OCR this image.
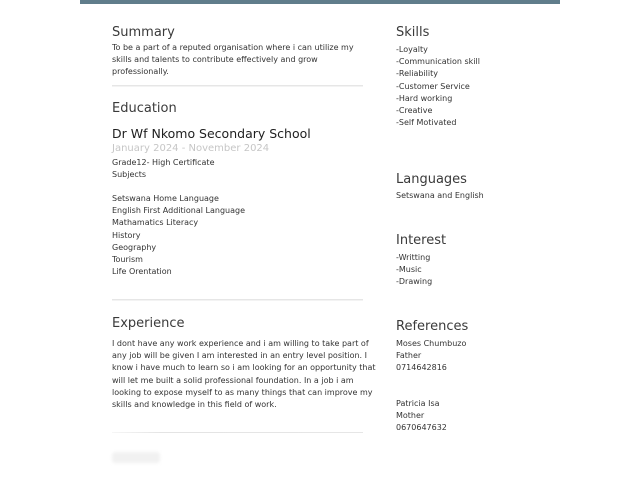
Summary
To be a part of a reputed organisation where i can utilize my skills and talents to contribute effectively and grow professionally.
Education
Dr Wf Nkomo Secondary School
January 2024 - November 2024
Grade12- High Certificate
Subjects
Setswana Home Language
English First Additional Language
Mathamatics Literacy
History
Geography
Tourism
Life Orentation
Experience
I dont have any work experience and i am willing to take part of
any job will be given I am interested in an entry level position. I
know i have much to learn so i am looking for an opportunity that
will let me built a solid professional foundation. In a job i am
looking to expose myself to as many things that can improve my
skills and knowledge in this field of work.
Skills
-Loyalty
-Communication skill
-Reliability
-Customer Service
-Hard working
-Creative
-Self Motivated
Languages
Setswana and English
Interest
-Writting
-Music
-Drawing
References
Moses Chumbuzo
Father
0714642816
Patricia Isa
Mother
0670647632
